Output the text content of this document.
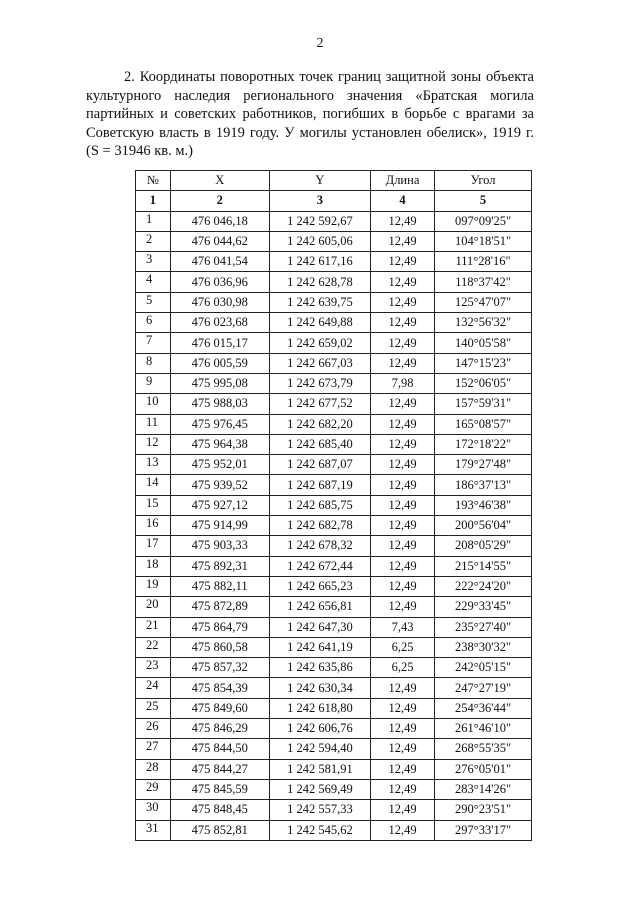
2

2. Координаты поворотных точек границ защитной зоны объекта культурного наследия регионального значения «Братская могила партийных и советских работников, погибших в борьбе с врагами за Советскую власть в 1919 году. У могилы установлен обелиск», 1919 г. (S = 31946 кв. м.)

№	X	Y	Длина	Угол
1	2	3	4	5
1	476 046,18	1 242 592,67	12,49	097°09'25"
2	476 044,62	1 242 605,06	12,49	104°18'51"
3	476 041,54	1 242 617,16	12,49	111°28'16"
4	476 036,96	1 242 628,78	12,49	118°37'42"
5	476 030,98	1 242 639,75	12,49	125°47'07"
6	476 023,68	1 242 649,88	12,49	132°56'32"
7	476 015,17	1 242 659,02	12,49	140°05'58"
8	476 005,59	1 242 667,03	12,49	147°15'23"
9	475 995,08	1 242 673,79	7,98	152°06'05"
10	475 988,03	1 242 677,52	12,49	157°59'31"
11	475 976,45	1 242 682,20	12,49	165°08'57"
12	475 964,38	1 242 685,40	12,49	172°18'22"
13	475 952,01	1 242 687,07	12,49	179°27'48"
14	475 939,52	1 242 687,19	12,49	186°37'13"
15	475 927,12	1 242 685,75	12,49	193°46'38"
16	475 914,99	1 242 682,78	12,49	200°56'04"
17	475 903,33	1 242 678,32	12,49	208°05'29"
18	475 892,31	1 242 672,44	12,49	215°14'55"
19	475 882,11	1 242 665,23	12,49	222°24'20"
20	475 872,89	1 242 656,81	12,49	229°33'45"
21	475 864,79	1 242 647,30	7,43	235°27'40"
22	475 860,58	1 242 641,19	6,25	238°30'32"
23	475 857,32	1 242 635,86	6,25	242°05'15"
24	475 854,39	1 242 630,34	12,49	247°27'19"
25	475 849,60	1 242 618,80	12,49	254°36'44"
26	475 846,29	1 242 606,76	12,49	261°46'10"
27	475 844,50	1 242 594,40	12,49	268°55'35"
28	475 844,27	1 242 581,91	12,49	276°05'01"
29	475 845,59	1 242 569,49	12,49	283°14'26"
30	475 848,45	1 242 557,33	12,49	290°23'51"
31	475 852,81	1 242 545,62	12,49	297°33'17"
